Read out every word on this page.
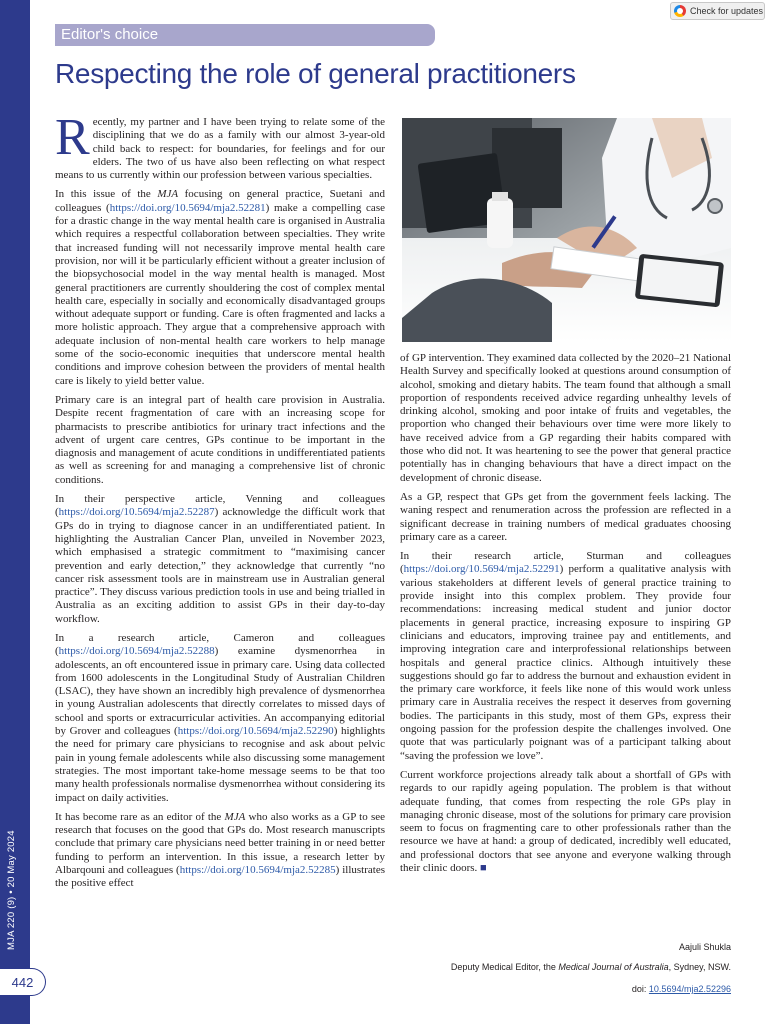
MJA 220 (9) • 20 May 2024
442
Check for updates
Editor's choice
Respecting the role of general practitioners

Recently, my partner and I have been trying to relate some of the disciplining that we do as a family with our almost 3-year-old child back to respect: for boundaries, for feelings and for our elders. The two of us have also been reflecting on what respect means to us currently within our profession between various specialties.

In this issue of the MJA focusing on general practice, Suetani and colleagues (https://doi.org/10.5694/mja2.52281) make a compelling case for a drastic change in the way mental health care is organised in Australia which requires a respectful collaboration between specialties. They write that increased funding will not necessarily improve mental health care provision, nor will it be particularly efficient without a greater inclusion of the biopsychosocial model in the way mental health is managed. Most general practitioners are currently shouldering the cost of complex mental health care, especially in socially and economically disadvantaged groups without adequate support or funding. Care is often fragmented and lacks a more holistic approach. They argue that a comprehensive approach with adequate inclusion of non-mental health care workers to help manage some of the socio-economic inequities that underscore mental health conditions and improve cohesion between the providers of mental health care is likely to yield better value.

Primary care is an integral part of health care provision in Australia. Despite recent fragmentation of care with an increasing scope for pharmacists to prescribe antibiotics for urinary tract infections and the advent of urgent care centres, GPs continue to be important in the diagnosis and management of acute conditions in undifferentiated patients as well as screening for and managing a comprehensive list of chronic conditions.

In their perspective article, Venning and colleagues (https://doi.org/10.5694/mja2.52287) acknowledge the difficult work that GPs do in trying to diagnose cancer in an undifferentiated patient. In highlighting the Australian Cancer Plan, unveiled in November 2023, which emphasised a strategic commitment to “maximising cancer prevention and early detection,” they acknowledge that currently “no cancer risk assessment tools are in mainstream use in Australian general practice”. They discuss various prediction tools in use and being trialled in Australia as an exciting addition to assist GPs in their day-to-day workflow.

In a research article, Cameron and colleagues (https://doi.org/10.5694/mja2.52288) examine dysmenorrhea in adolescents, an oft encountered issue in primary care. Using data collected from 1600 adolescents in the Longitudinal Study of Australian Children (LSAC), they have shown an incredibly high prevalence of dysmenorrhea in young Australian adolescents that directly correlates to missed days of school and sports or extracurricular activities. An accompanying editorial by Grover and colleagues (https://doi.org/10.5694/mja2.52290) highlights the need for primary care physicians to recognise and ask about pelvic pain in young female adolescents while also discussing some management strategies. The most important take-home message seems to be that too many health professionals normalise dysmenorrhea without considering its impact on daily activities.

It has become rare as an editor of the MJA who also works as a GP to see research that focuses on the good that GPs do. Most research manuscripts conclude that primary care physicians need better training in or need better funding to perform an intervention. In this issue, a research letter by Albarqouni and colleagues (https://doi.org/10.5694/mja2.52285) illustrates the positive effect

of GP intervention. They examined data collected by the 2020–21 National Health Survey and specifically looked at questions around consumption of alcohol, smoking and dietary habits. The team found that although a small proportion of respondents received advice regarding unhealthy levels of drinking alcohol, smoking and poor intake of fruits and vegetables, the proportion who changed their behaviours over time were more likely to have received advice from a GP regarding their habits compared with those who did not. It was heartening to see the power that general practice potentially has in changing behaviours that have a direct impact on the development of chronic disease.

As a GP, respect that GPs get from the government feels lacking. The waning respect and renumeration across the profession are reflected in a significant decrease in training numbers of medical graduates choosing primary care as a career.

In their research article, Sturman and colleagues (https://doi.org/10.5694/mja2.52291) perform a qualitative analysis with various stakeholders at different levels of general practice training to provide insight into this complex problem. They provide four recommendations: increasing medical student and junior doctor placements in general practice, increasing exposure to inspiring GP clinicians and educators, improving trainee pay and entitlements, and improving integration care and interprofessional relationships between hospitals and general practice clinics. Although intuitively these suggestions should go far to address the burnout and exhaustion evident in the primary care workforce, it feels like none of this would work unless primary care in Australia receives the respect it deserves from governing bodies. The participants in this study, most of them GPs, express their ongoing passion for the profession despite the challenges involved. One quote that was particularly poignant was of a participant talking about “saving the profession we love”.

Current workforce projections already talk about a shortfall of GPs with regards to our rapidly ageing population. The problem is that without adequate funding, that comes from respecting the role GPs play in managing chronic disease, most of the solutions for primary care provision seem to focus on fragmenting care to other professionals rather than the resource we have at hand: a group of dedicated, incredibly well educated, and professional doctors that see anyone and everyone walking through their clinic doors. ■

Aajuli Shukla
Deputy Medical Editor, the Medical Journal of Australia, Sydney, NSW.
doi: 10.5694/mja2.52296
